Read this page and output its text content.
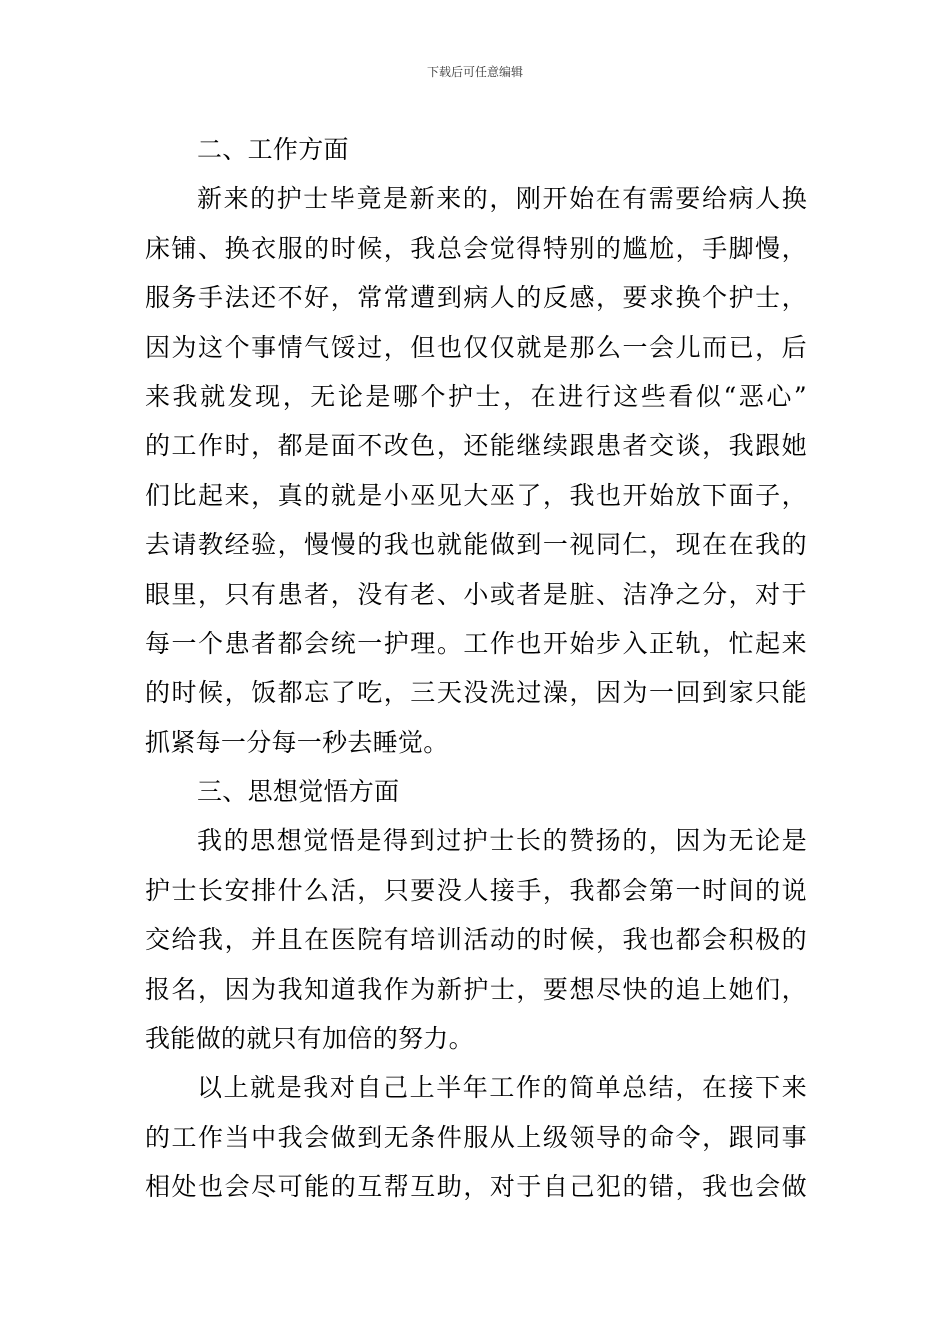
下载后可任意编辑
二、工作方面
新来的护士毕竟是新来的，刚开始在有需要给病人换
床铺、换衣服的时候，我总会觉得特别的尴尬，手脚慢，
服务手法还不好，常常遭到病人的反感，要求换个护士，
因为这个事情气馁过，但也仅仅就是那么一会儿而已，后
来我就发现，无论是哪个护士，在进行这些看似“恶心”
的工作时，都是面不改色，还能继续跟患者交谈，我跟她
们比起来，真的就是小巫见大巫了，我也开始放下面子，
去请教经验，慢慢的我也就能做到一视同仁，现在在我的
眼里，只有患者，没有老、小或者是脏、洁净之分，对于
每一个患者都会统一护理。工作也开始步入正轨，忙起来
的时候，饭都忘了吃，三天没洗过澡，因为一回到家只能
抓紧每一分每一秒去睡觉。
三、思想觉悟方面
我的思想觉悟是得到过护士长的赞扬的，因为无论是
护士长安排什么活，只要没人接手，我都会第一时间的说
交给我，并且在医院有培训活动的时候，我也都会积极的
报名，因为我知道我作为新护士，要想尽快的追上她们，
我能做的就只有加倍的努力。
以上就是我对自己上半年工作的简单总结，在接下来
的工作当中我会做到无条件服从上级领导的命令，跟同事
相处也会尽可能的互帮互助，对于自己犯的错，我也会做
